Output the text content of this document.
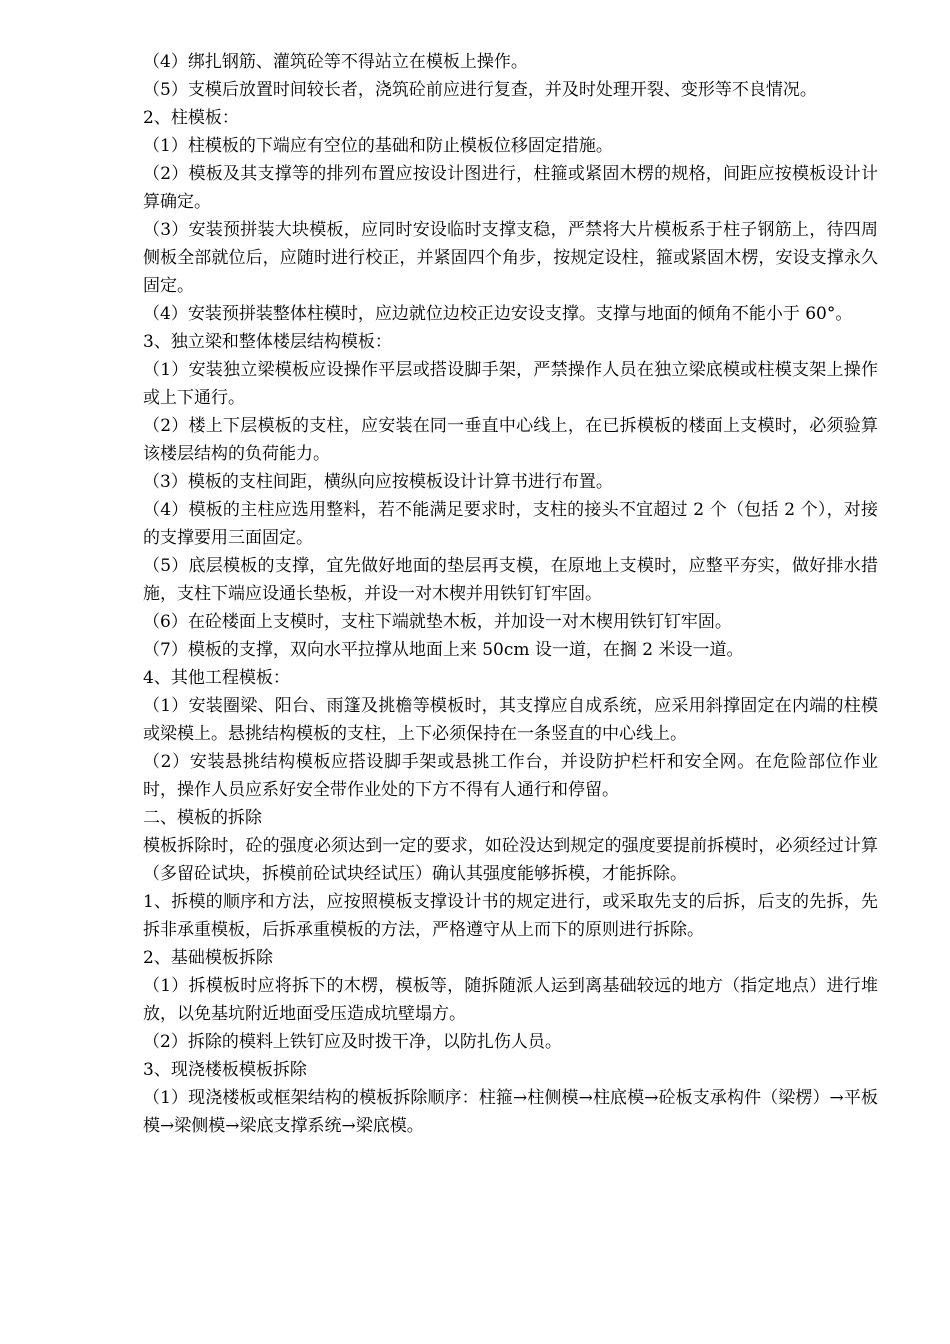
（4）绑扎钢筋、灌筑砼等不得站立在模板上操作。

（5）支模后放置时间较长者，浇筑砼前应进行复查，并及时处理开裂、变形等不良情况。

2、柱模板：

（1）柱模板的下端应有空位的基础和防止模板位移固定措施。

（2）模板及其支撑等的排列布置应按设计图进行，柱箍或紧固木楞的规格，间距应按模板设计计算确定。

（3）安装预拼装大块模板，应同时安设临时支撑支稳，严禁将大片模板系于柱子钢筋上，待四周侧板全部就位后，应随时进行校正，并紧固四个角步，按规定设柱，箍或紧固木楞，安设支撑永久固定。

（4）安装预拼装整体柱模时，应边就位边校正边安设支撑。支撑与地面的倾角不能小于 60°。

3、独立梁和整体楼层结构模板：

（1）安装独立梁模板应设操作平层或搭设脚手架，严禁操作人员在独立梁底模或柱模支架上操作或上下通行。

（2）楼上下层模板的支柱，应安装在同一垂直中心线上，在已拆模板的楼面上支模时，必须验算该楼层结构的负荷能力。

（3）模板的支柱间距，横纵向应按模板设计计算书进行布置。

（4）模板的主柱应选用整料，若不能满足要求时，支柱的接头不宜超过 2 个（包括 2 个），对接的支撑要用三面固定。

（5）底层模板的支撑，宜先做好地面的垫层再支模，在原地上支模时，应整平夯实，做好排水措施，支柱下端应设通长垫板，并设一对木楔并用铁钉钉牢固。

（6）在砼楼面上支模时，支柱下端就垫木板，并加设一对木楔用铁钉钉牢固。

（7）模板的支撑，双向水平拉撑从地面上来 50cm 设一道，在搁 2 米设一道。

4、其他工程模板：

（1）安装圈梁、阳台、雨篷及挑檐等模板时，其支撑应自成系统，应采用斜撑固定在内端的柱模或梁模上。悬挑结构模板的支柱，上下必须保持在一条竖直的中心线上。

（2）安装悬挑结构模板应搭设脚手架或悬挑工作台，并设防护栏杆和安全网。在危险部位作业时，操作人员应系好安全带作业处的下方不得有人通行和停留。

二、模板的拆除

模板拆除时，砼的强度必须达到一定的要求，如砼没达到规定的强度要提前拆模时，必须经过计算（多留砼试块，拆模前砼试块经试压）确认其强度能够拆模，才能拆除。

1、拆模的顺序和方法，应按照模板支撑设计书的规定进行，或采取先支的后拆，后支的先拆，先拆非承重模板，后拆承重模板的方法，严格遵守从上而下的原则进行拆除。

2、基础模板拆除

（1）拆模板时应将拆下的木楞，模板等，随拆随派人运到离基础较远的地方（指定地点）进行堆放，以免基坑附近地面受压造成坑壁塌方。

（2）拆除的模料上铁钉应及时拨干净，以防扎伤人员。

3、现浇楼板模板拆除

（1）现浇楼板或框架结构的模板拆除顺序：柱箍→柱侧模→柱底模→砼板支承构件（梁楞）→平板模→梁侧模→梁底支撑系统→梁底模。
